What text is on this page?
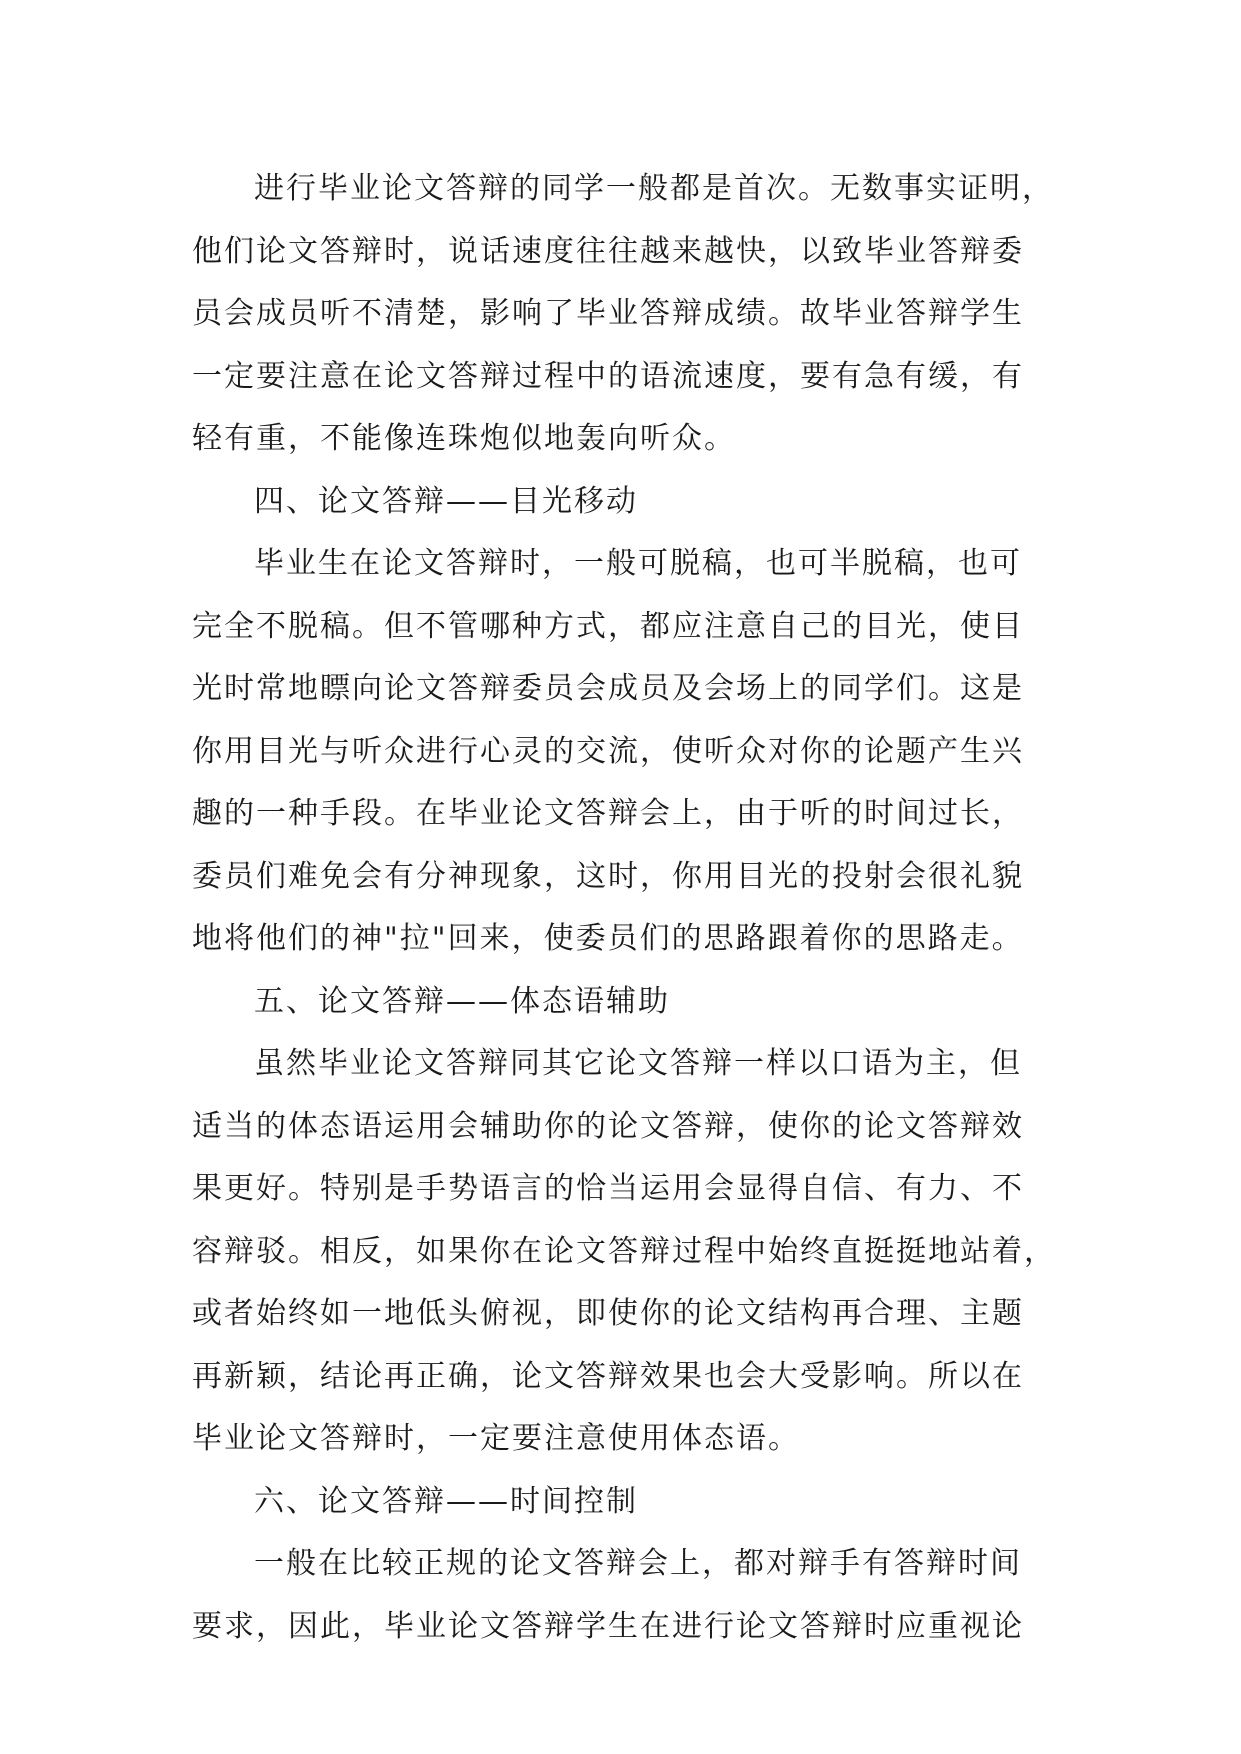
进行毕业论文答辩的同学一般都是首次。无数事实证明，
他们论文答辩时，说话速度往往越来越快，以致毕业答辩委
员会成员听不清楚，影响了毕业答辩成绩。故毕业答辩学生
一定要注意在论文答辩过程中的语流速度，要有急有缓，有
轻有重，不能像连珠炮似地轰向听众。
四、论文答辩——目光移动
毕业生在论文答辩时，一般可脱稿，也可半脱稿，也可
完全不脱稿。但不管哪种方式，都应注意自己的目光，使目
光时常地瞟向论文答辩委员会成员及会场上的同学们。这是
你用目光与听众进行心灵的交流，使听众对你的论题产生兴
趣的一种手段。在毕业论文答辩会上，由于听的时间过长，
委员们难免会有分神现象，这时，你用目光的投射会很礼貌
地将他们的神"拉"回来，使委员们的思路跟着你的思路走。
五、论文答辩——体态语辅助
虽然毕业论文答辩同其它论文答辩一样以口语为主，但
适当的体态语运用会辅助你的论文答辩，使你的论文答辩效
果更好。特别是手势语言的恰当运用会显得自信、有力、不
容辩驳。相反，如果你在论文答辩过程中始终直挺挺地站着，
或者始终如一地低头俯视，即使你的论文结构再合理、主题
再新颖，结论再正确，论文答辩效果也会大受影响。所以在
毕业论文答辩时，一定要注意使用体态语。
六、论文答辩——时间控制
一般在比较正规的论文答辩会上，都对辩手有答辩时间
要求，因此，毕业论文答辩学生在进行论文答辩时应重视论
